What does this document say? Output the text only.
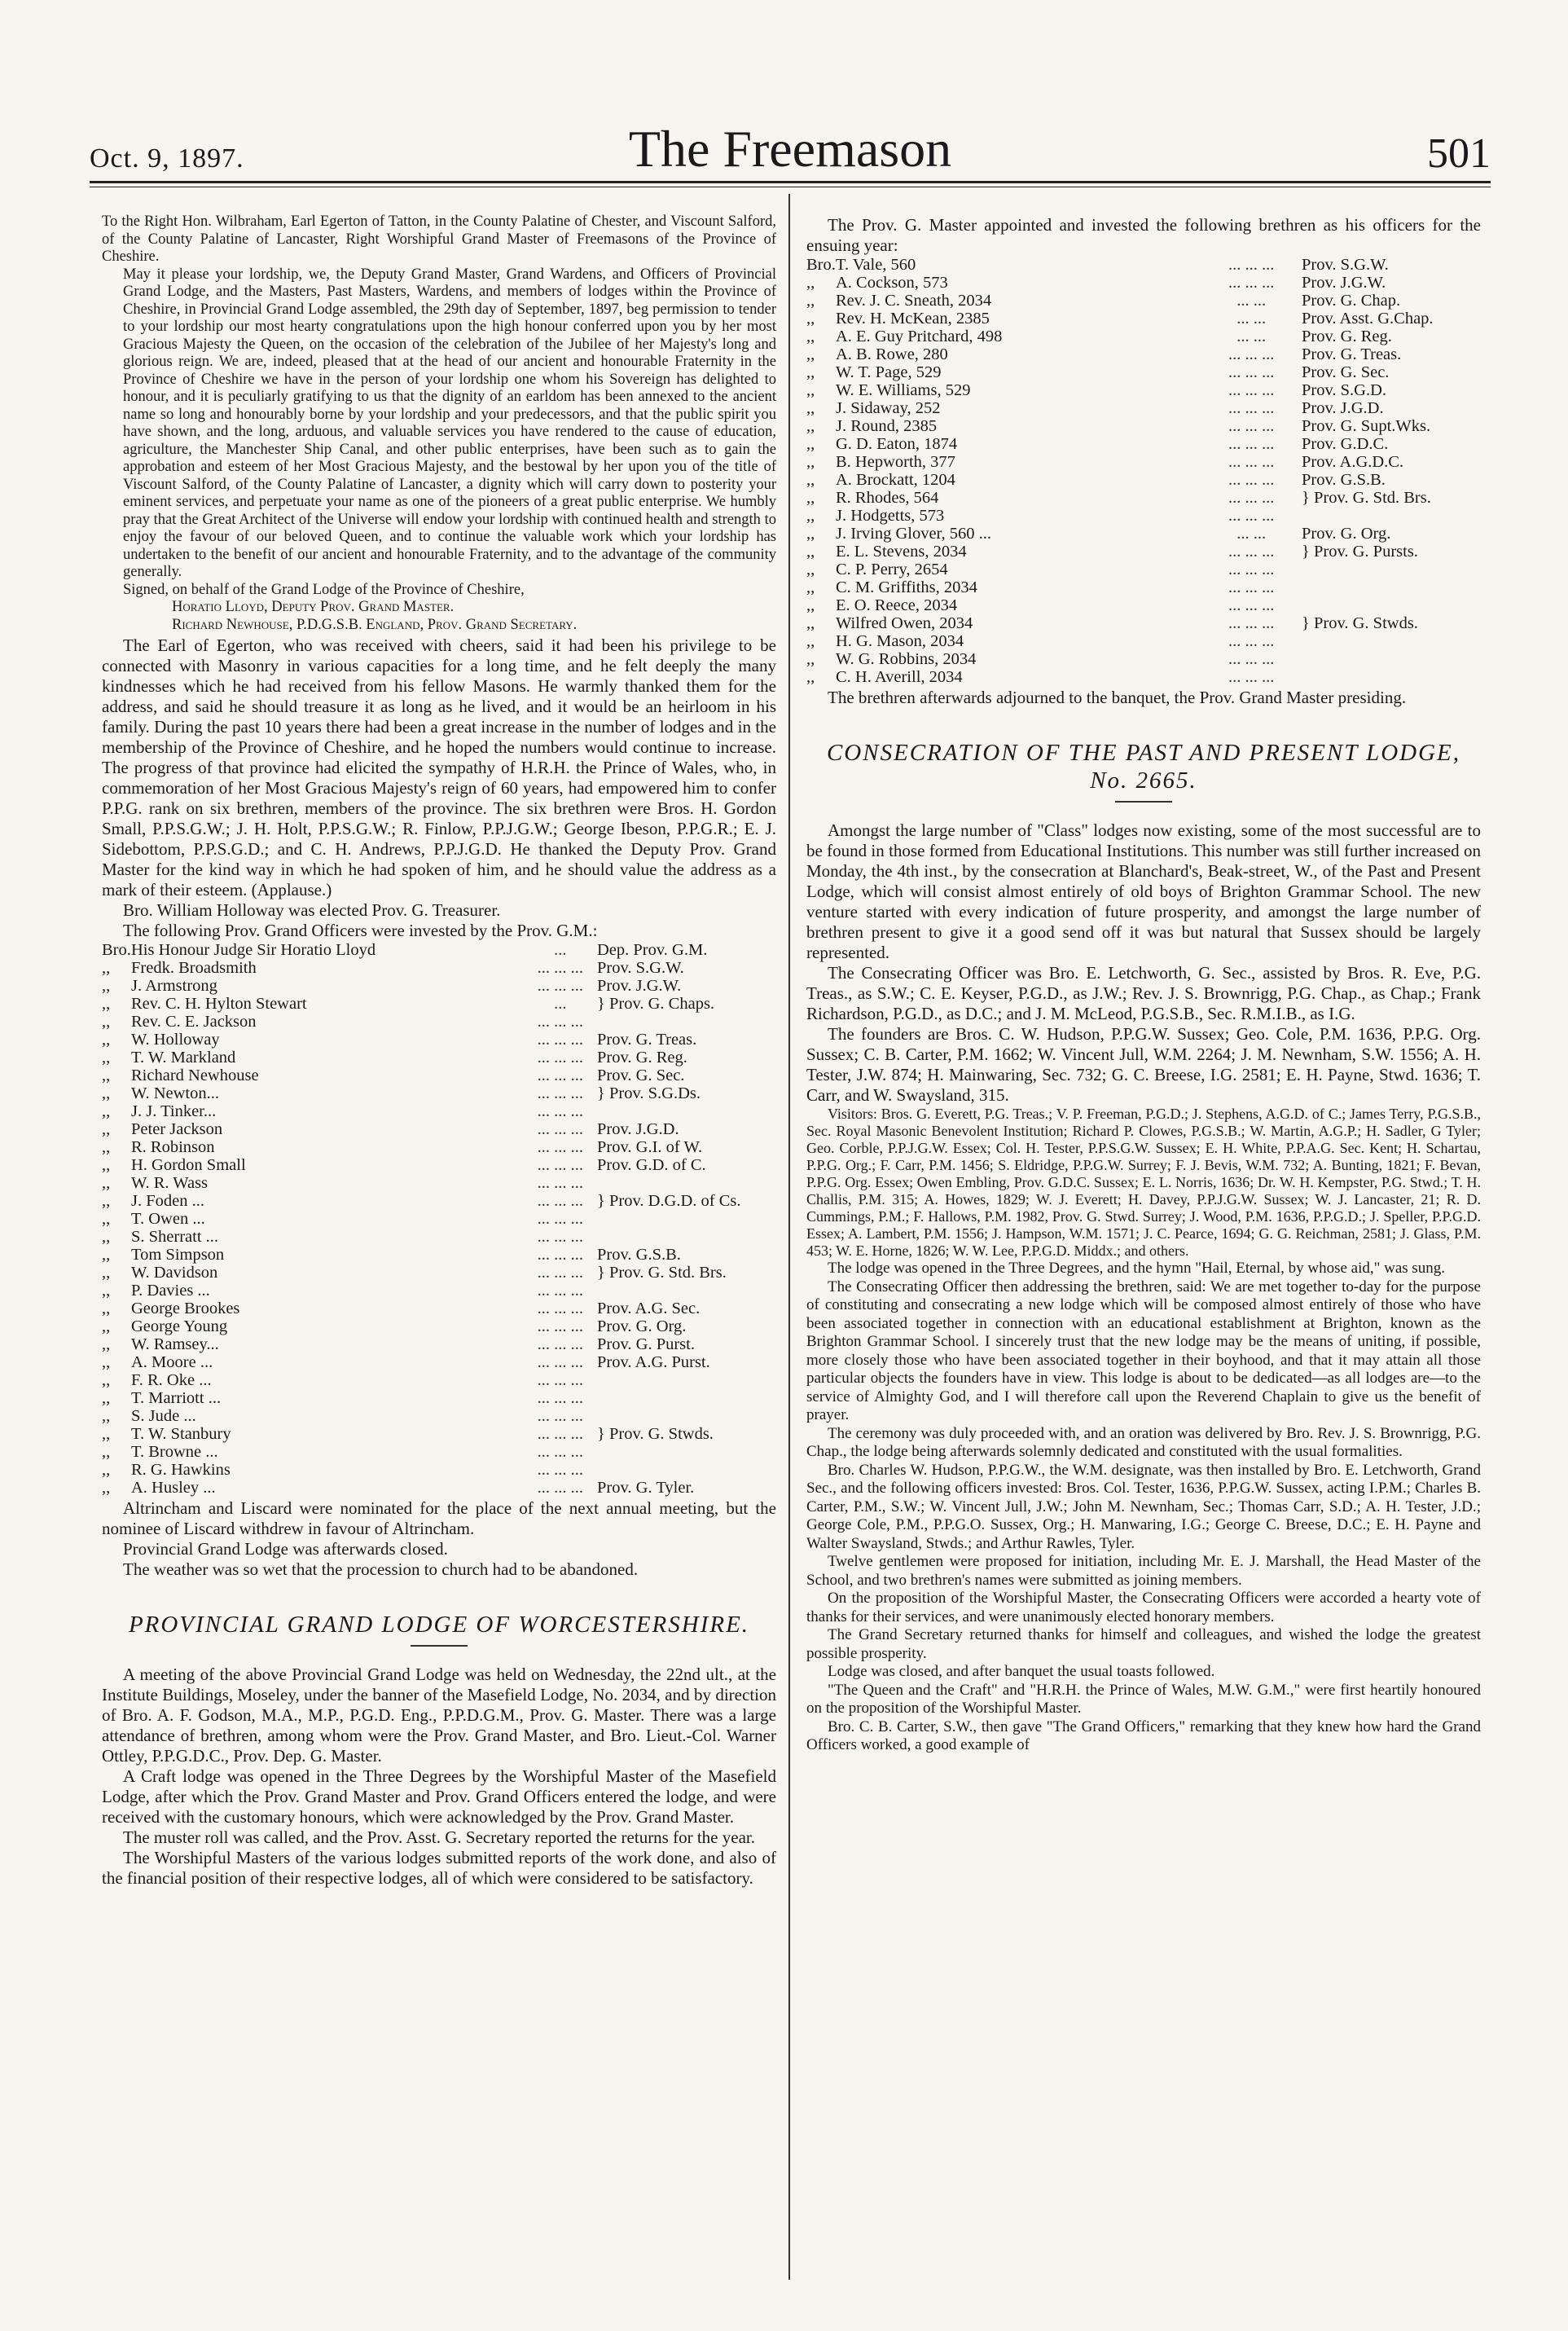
Oct. 9, 1897.	The Freemason	501

To the Right Hon. Wilbraham, Earl Egerton of Tatton, in the County Palatine of Chester, and Viscount Salford, of the County Palatine of Lancaster, Right Worshipful Grand Master of Freemasons of the Province of Cheshire.

May it please your lordship, we, the Deputy Grand Master, Grand Wardens, and Officers of Provincial Grand Lodge, and the Masters, Past Masters, Wardens, and members of lodges within the Province of Cheshire, in Provincial Grand Lodge assembled, the 29th day of September, 1897, beg permission to tender to your lordship our most hearty congratulations upon the high honour conferred upon you by her most Gracious Majesty the Queen, on the occasion of the celebration of the Jubilee of her Majesty's long and glorious reign. We are, indeed, pleased that at the head of our ancient and honourable Fraternity in the Province of Cheshire we have in the person of your lordship one whom his Sovereign has delighted to honour, and it is peculiarly gratifying to us that the dignity of an earldom has been annexed to the ancient name so long and honourably borne by your lordship and your predecessors, and that the public spirit you have shown, and the long, arduous, and valuable services you have rendered to the cause of education, agriculture, the Manchester Ship Canal, and other public enterprises, have been such as to gain the approbation and esteem of her Most Gracious Majesty, and the bestowal by her upon you of the title of Viscount Salford, of the County Palatine of Lancaster, a dignity which will carry down to posterity your eminent services, and perpetuate your name as one of the pioneers of a great public enterprise. We humbly pray that the Great Architect of the Universe will endow your lordship with continued health and strength to enjoy the favour of our beloved Queen, and to continue the valuable work which your lordship has undertaken to the benefit of our ancient and honourable Fraternity, and to the advantage of the community generally.

Signed, on behalf of the Grand Lodge of the Province of Cheshire,
Horatio Lloyd, Deputy Prov. Grand Master.
Richard Newhouse, P.D.G.S.B. England, Prov. Grand Secretary.

The Earl of Egerton, who was received with cheers, said it had been his privilege to be connected with Masonry in various capacities for a long time, and he felt deeply the many kindnesses which he had received from his fellow Masons. He warmly thanked them for the address, and said he should treasure it as long as he lived, and it would be an heirloom in his family. During the past 10 years there had been a great increase in the number of lodges and in the membership of the Province of Cheshire, and he hoped the numbers would continue to increase. The progress of that province had elicited the sympathy of H.R.H. the Prince of Wales, who, in commemoration of her Most Gracious Majesty's reign of 60 years, had empowered him to confer P.P.G. rank on six brethren, members of the province. The six brethren were Bros. H. Gordon Small, P.P.S.G.W.; J. H. Holt, P.P.S.G.W.; R. Finlow, P.P.J.G.W.; George Ibeson, P.P.G.R.; E. J. Sidebottom, P.P.S.G.D.; and C. H. Andrews, P.P.J.G.D. He thanked the Deputy Prov. Grand Master for the kind way in which he had spoken of him, and he should value the address as a mark of their esteem. (Applause.)

Bro. William Holloway was elected Prov. G. Treasurer.

The following Prov. Grand Officers were invested by the Prov. G.M.:

Bro.	His Honour Judge Sir Horatio Lloyd	...	Dep. Prov. G.M.
,,	Fredk. Broadsmith	... ... ...	Prov. S.G.W.
,,	J. Armstrong	... ... ...	Prov. J.G.W.
,,	Rev. C. H. Hylton Stewart	...	} Prov. G. Chaps.
,,	Rev. C. E. Jackson	... ... ...	
,,	W. Holloway	... ... ...	Prov. G. Treas.
,,	T. W. Markland	... ... ...	Prov. G. Reg.
,,	Richard Newhouse	... ... ...	Prov. G. Sec.
,,	W. Newton...	... ... ...	} Prov. S.G.Ds.
,,	J. J. Tinker...	... ... ...	
,,	Peter Jackson	... ... ...	Prov. J.G.D.
,,	R. Robinson	... ... ...	Prov. G.I. of W.
,,	H. Gordon Small	... ... ...	Prov. G.D. of C.
,,	W. R. Wass	... ... ...	
,,	J. Foden ...	... ... ...	} Prov. D.G.D. of Cs.
,,	T. Owen ...	... ... ...	
,,	S. Sherratt ...	... ... ...	
,,	Tom Simpson	... ... ...	Prov. G.S.B.
,,	W. Davidson	... ... ...	} Prov. G. Std. Brs.
,,	P. Davies ...	... ... ...	
,,	George Brookes	... ... ...	Prov. A.G. Sec.
,,	George Young	... ... ...	Prov. G. Org.
,,	W. Ramsey...	... ... ...	Prov. G. Purst.
,,	A. Moore ...	... ... ...	Prov. A.G. Purst.
,,	F. R. Oke ...	... ... ...	
,,	T. Marriott ...	... ... ...	
,,	S. Jude ...	... ... ...	
,,	T. W. Stanbury	... ... ...	} Prov. G. Stwds.
,,	T. Browne ...	... ... ...	
,,	R. G. Hawkins	... ... ...	
,,	A. Husley ...	... ... ...	Prov. G. Tyler.

Altrincham and Liscard were nominated for the place of the next annual meeting, but the nominee of Liscard withdrew in favour of Altrincham.

Provincial Grand Lodge was afterwards closed.

The weather was so wet that the procession to church had to be abandoned.

PROVINCIAL GRAND LODGE OF WORCESTERSHIRE.

A meeting of the above Provincial Grand Lodge was held on Wednesday, the 22nd ult., at the Institute Buildings, Moseley, under the banner of the Masefield Lodge, No. 2034, and by direction of Bro. A. F. Godson, M.A., M.P., P.G.D. Eng., P.P.D.G.M., Prov. G. Master. There was a large attendance of brethren, among whom were the Prov. Grand Master, and Bro. Lieut.-Col. Warner Ottley, P.P.G.D.C., Prov. Dep. G. Master.

A Craft lodge was opened in the Three Degrees by the Worshipful Master of the Masefield Lodge, after which the Prov. Grand Master and Prov. Grand Officers entered the lodge, and were received with the customary honours, which were acknowledged by the Prov. Grand Master.

The muster roll was called, and the Prov. Asst. G. Secretary reported the returns for the year.

The Worshipful Masters of the various lodges submitted reports of the work done, and also of the financial position of their respective lodges, all of which were considered to be satisfactory.

The Prov. G. Master appointed and invested the following brethren as his officers for the ensuing year:

Bro.	T. Vale, 560	... ... ...	Prov. S.G.W.
,,	A. Cockson, 573	... ... ...	Prov. J.G.W.
,,	Rev. J. C. Sneath, 2034	... ...	Prov. G. Chap.
,,	Rev. H. McKean, 2385	... ...	Prov. Asst. G.Chap.
,,	A. E. Guy Pritchard, 498	... ...	Prov. G. Reg.
,,	A. B. Rowe, 280	... ... ...	Prov. G. Treas.
,,	W. T. Page, 529	... ... ...	Prov. G. Sec.
,,	W. E. Williams, 529	... ... ...	Prov. S.G.D.
,,	J. Sidaway, 252	... ... ...	Prov. J.G.D.
,,	J. Round, 2385	... ... ...	Prov. G. Supt.Wks.
,,	G. D. Eaton, 1874	... ... ...	Prov. G.D.C.
,,	B. Hepworth, 377	... ... ...	Prov. A.G.D.C.
,,	A. Brockatt, 1204	... ... ...	Prov. G.S.B.
,,	R. Rhodes, 564	... ... ...	} Prov. G. Std. Brs.
,,	J. Hodgetts, 573	... ... ...	
,,	J. Irving Glover, 560 ...	... ...	Prov. G. Org.
,,	E. L. Stevens, 2034	... ... ...	} Prov. G. Pursts.
,,	C. P. Perry, 2654	... ... ...	
,,	C. M. Griffiths, 2034	... ... ...	
,,	E. O. Reece, 2034	... ... ...	
,,	Wilfred Owen, 2034	... ... ...	} Prov. G. Stwds.
,,	H. G. Mason, 2034	... ... ...	
,,	W. G. Robbins, 2034	... ... ...	
,,	C. H. Averill, 2034	... ... ...	

The brethren afterwards adjourned to the banquet, the Prov. Grand Master presiding.

CONSECRATION OF THE PAST AND PRESENT LODGE, No. 2665.

Amongst the large number of "Class" lodges now existing, some of the most successful are to be found in those formed from Educational Institutions. This number was still further increased on Monday, the 4th inst., by the consecration at Blanchard's, Beak-street, W., of the Past and Present Lodge, which will consist almost entirely of old boys of Brighton Grammar School. The new venture started with every indication of future prosperity, and amongst the large number of brethren present to give it a good send off it was but natural that Sussex should be largely represented.

The Consecrating Officer was Bro. E. Letchworth, G. Sec., assisted by Bros. R. Eve, P.G. Treas., as S.W.; C. E. Keyser, P.G.D., as J.W.; Rev. J. S. Brownrigg, P.G. Chap., as Chap.; Frank Richardson, P.G.D., as D.C.; and J. M. McLeod, P.G.S.B., Sec. R.M.I.B., as I.G.

The founders are Bros. C. W. Hudson, P.P.G.W. Sussex; Geo. Cole, P.M. 1636, P.P.G. Org. Sussex; C. B. Carter, P.M. 1662; W. Vincent Jull, W.M. 2264; J. M. Newnham, S.W. 1556; A. H. Tester, J.W. 874; H. Mainwaring, Sec. 732; G. C. Breese, I.G. 2581; E. H. Payne, Stwd. 1636; T. Carr, and W. Swaysland, 315.

Visitors: Bros. G. Everett, P.G. Treas.; V. P. Freeman, P.G.D.; J. Stephens, A.G.D. of C.; James Terry, P.G.S.B., Sec. Royal Masonic Benevolent Institution; Richard P. Clowes, P.G.S.B.; W. Martin, A.G.P.; H. Sadler, G Tyler; Geo. Corble, P.P.J.G.W. Essex; Col. H. Tester, P.P.S.G.W. Sussex; E. H. White, P.P.A.G. Sec. Kent; H. Schartau, P.P.G. Org.; F. Carr, P.M. 1456; S. Eldridge, P.P.G.W. Surrey; F. J. Bevis, W.M. 732; A. Bunting, 1821; F. Bevan, P.P.G. Org. Essex; Owen Embling, Prov. G.D.C. Sussex; E. L. Norris, 1636; Dr. W. H. Kempster, P.G. Stwd.; T. H. Challis, P.M. 315; A. Howes, 1829; W. J. Everett; H. Davey, P.P.J.G.W. Sussex; W. J. Lancaster, 21; R. D. Cummings, P.M.; F. Hallows, P.M. 1982, Prov. G. Stwd. Surrey; J. Wood, P.M. 1636, P.P.G.D.; J. Speller, P.P.G.D. Essex; A. Lambert, P.M. 1556; J. Hampson, W.M. 1571; J. C. Pearce, 1694; G. G. Reichman, 2581; J. Glass, P.M. 453; W. E. Horne, 1826; W. W. Lee, P.P.G.D. Middx.; and others.

The lodge was opened in the Three Degrees, and the hymn "Hail, Eternal, by whose aid," was sung.

The Consecrating Officer then addressing the brethren, said: We are met together to-day for the purpose of constituting and consecrating a new lodge which will be composed almost entirely of those who have been associated together in connection with an educational establishment at Brighton, known as the Brighton Grammar School. I sincerely trust that the new lodge may be the means of uniting, if possible, more closely those who have been associated together in their boyhood, and that it may attain all those particular objects the founders have in view. This lodge is about to be dedicated—as all lodges are—to the service of Almighty God, and I will therefore call upon the Reverend Chaplain to give us the benefit of prayer.

The ceremony was duly proceeded with, and an oration was delivered by Bro. Rev. J. S. Brownrigg, P.G. Chap., the lodge being afterwards solemnly dedicated and constituted with the usual formalities.

Bro. Charles W. Hudson, P.P.G.W., the W.M. designate, was then installed by Bro. E. Letchworth, Grand Sec., and the following officers invested: Bros. Col. Tester, 1636, P.P.G.W. Sussex, acting I.P.M.; Charles B. Carter, P.M., S.W.; W. Vincent Jull, J.W.; John M. Newnham, Sec.; Thomas Carr, S.D.; A. H. Tester, J.D.; George Cole, P.M., P.P.G.O. Sussex, Org.; H. Manwaring, I.G.; George C. Breese, D.C.; E. H. Payne and Walter Swaysland, Stwds.; and Arthur Rawles, Tyler.

Twelve gentlemen were proposed for initiation, including Mr. E. J. Marshall, the Head Master of the School, and two brethren's names were submitted as joining members.

On the proposition of the Worshipful Master, the Consecrating Officers were accorded a hearty vote of thanks for their services, and were unanimously elected honorary members.

The Grand Secretary returned thanks for himself and colleagues, and wished the lodge the greatest possible prosperity.

Lodge was closed, and after banquet the usual toasts followed.

"The Queen and the Craft" and "H.R.H. the Prince of Wales, M.W. G.M.," were first heartily honoured on the proposition of the Worshipful Master.

Bro. C. B. Carter, S.W., then gave "The Grand Officers," remarking that they knew how hard the Grand Officers worked, a good example of
